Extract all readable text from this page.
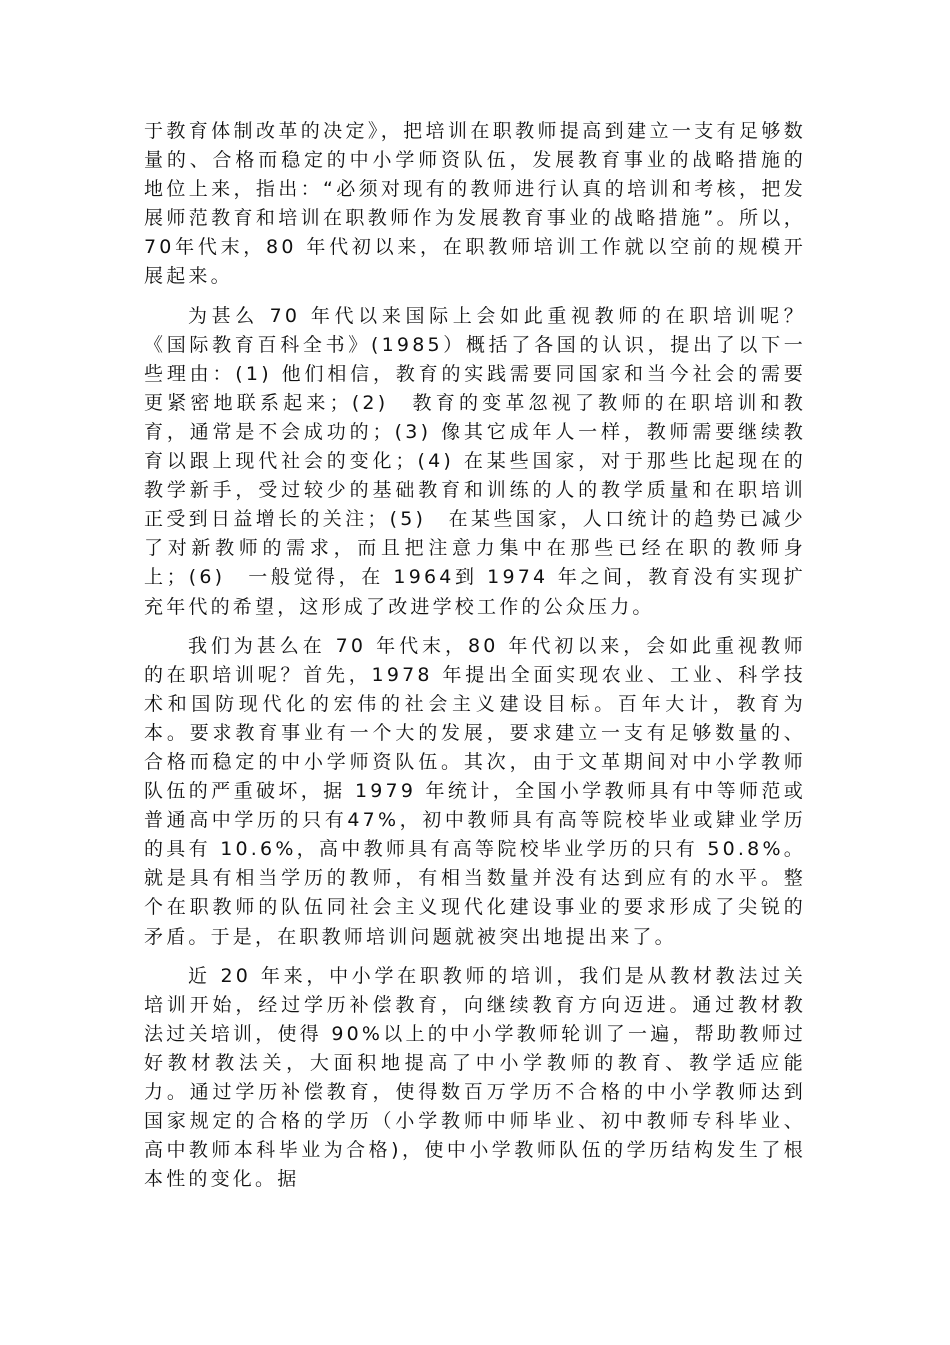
于教育体制改革的决定》，把培训在职教师提高到建立一支有足够数量的、合格而稳定的中小学师资队伍，发展教育事业的战略措施的地位上来，指出：“必须对现有的教师进行认真的培训和考核，把发展师范教育和培训在职教师作为发展教育事业的战略措施”。所以，70年代末，80 年代初以来，在职教师培训工作就以空前的规模开展起来。

为甚么 70 年代以来国际上会如此重视教师的在职培训呢？《国际教育百科全书》(1985）概括了各国的认识，提出了以下一些理由：(1) 他们相信，教育的实践需要同国家和当今社会的需要更紧密地联系起来；(2)　教育的变革忽视了教师的在职培训和教育，通常是不会成功的；(3) 像其它成年人一样，教师需要继续教育以跟上现代社会的变化；(4) 在某些国家，对于那些比起现在的教学新手，受过较少的基础教育和训练的人的教学质量和在职培训正受到日益增长的关注；(5)　在某些国家，人口统计的趋势已减少了对新教师的需求，而且把注意力集中在那些已经在职的教师身上；(6)　一般觉得，在 1964到 1974 年之间，教育没有实现扩充年代的希望，这形成了改进学校工作的公众压力。

我们为甚么在 70 年代末，80 年代初以来，会如此重视教师的在职培训呢？首先，1978 年提出全面实现农业、工业、科学技术和国防现代化的宏伟的社会主义建设目标。百年大计，教育为本。要求教育事业有一个大的发展，要求建立一支有足够数量的、合格而稳定的中小学师资队伍。其次，由于文革期间对中小学教师队伍的严重破坏，据 1979 年统计，全国小学教师具有中等师范或普通高中学历的只有47%，初中教师具有高等院校毕业或肄业学历的具有 10.6%，高中教师具有高等院校毕业学历的只有 50.8%。就是具有相当学历的教师，有相当数量并没有达到应有的水平。整个在职教师的队伍同社会主义现代化建设事业的要求形成了尖锐的矛盾。于是，在职教师培训问题就被突出地提出来了。

近 20 年来，中小学在职教师的培训，我们是从教材教法过关培训开始，经过学历补偿教育，向继续教育方向迈进。通过教材教法过关培训，使得 90%以上的中小学教师轮训了一遍，帮助教师过好教材教法关，大面积地提高了中小学教师的教育、教学适应能力。通过学历补偿教育，使得数百万学历不合格的中小学教师达到国家规定的合格的学历（小学教师中师毕业、初中教师专科毕业、高中教师本科毕业为合格)，使中小学教师队伍的学历结构发生了根本性的变化。据
